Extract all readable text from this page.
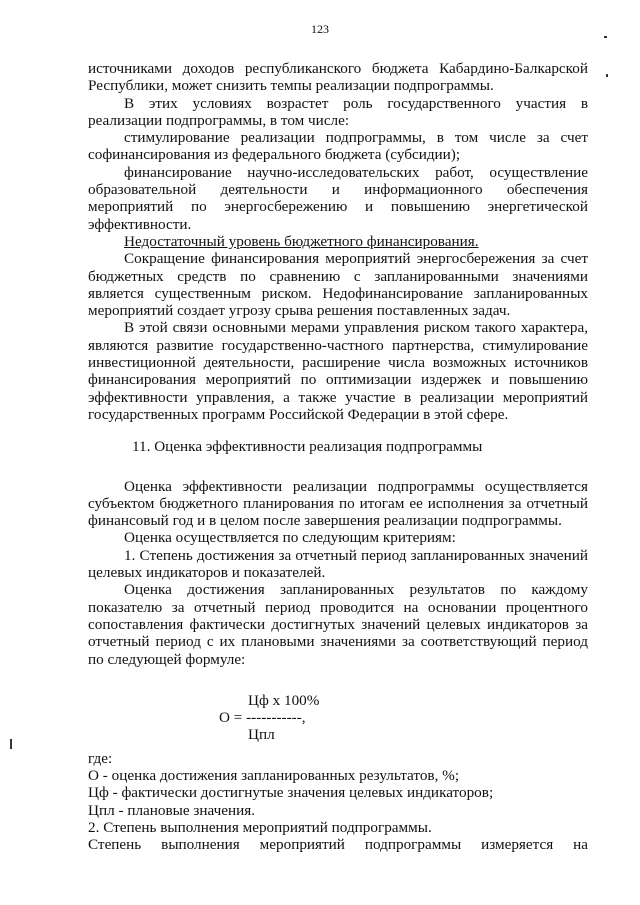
123

источниками доходов республиканского бюджета Кабардино-Балкарской Республики, может снизить темпы реализации подпрограммы.

В этих условиях возрастет роль государственного участия в реализации подпрограммы, в том числе:

стимулирование реализации подпрограммы, в том числе за счет софинансирования из федерального бюджета (субсидии);

финансирование научно-исследовательских работ, осуществление образовательной деятельности и информационного обеспечения мероприятий по энергосбережению и повышению энергетической эффективности.

Недостаточный уровень бюджетного финансирования.

Сокращение финансирования мероприятий энергосбережения за счет бюджетных средств по сравнению с запланированными значениями является существенным риском. Недофинансирование запланированных мероприятий создает угрозу срыва решения поставленных задач.

В этой связи основными мерами управления риском такого характера, являются развитие государственно-частного партнерства, стимулирование инвестиционной деятельности, расширение числа возможных источников финансирования мероприятий по оптимизации издержек и повышению эффективности управления, а также участие в реализации мероприятий государственных программ Российской Федерации в этой сфере.

11. Оценка эффективности реализация подпрограммы

Оценка эффективности реализации подпрограммы осуществляется субъектом бюджетного планирования по итогам ее исполнения за отчетный финансовый год и в целом после завершения реализации подпрограммы.

Оценка осуществляется по следующим критериям:

1. Степень достижения за отчетный период запланированных значений целевых индикаторов и показателей.

Оценка достижения запланированных результатов по каждому показателю за отчетный период проводится на основании процентного сопоставления фактически достигнутых значений целевых индикаторов за отчетный период с их плановыми значениями за соответствующий период по следующей формуле:

Цф х 100%
О = -----------,
Цпл

где:

О - оценка достижения запланированных результатов, %;

Цф - фактически достигнутые значения целевых индикаторов;

Цпл - плановые значения.

2. Степень выполнения мероприятий подпрограммы.

Степень выполнения мероприятий подпрограммы измеряется на
